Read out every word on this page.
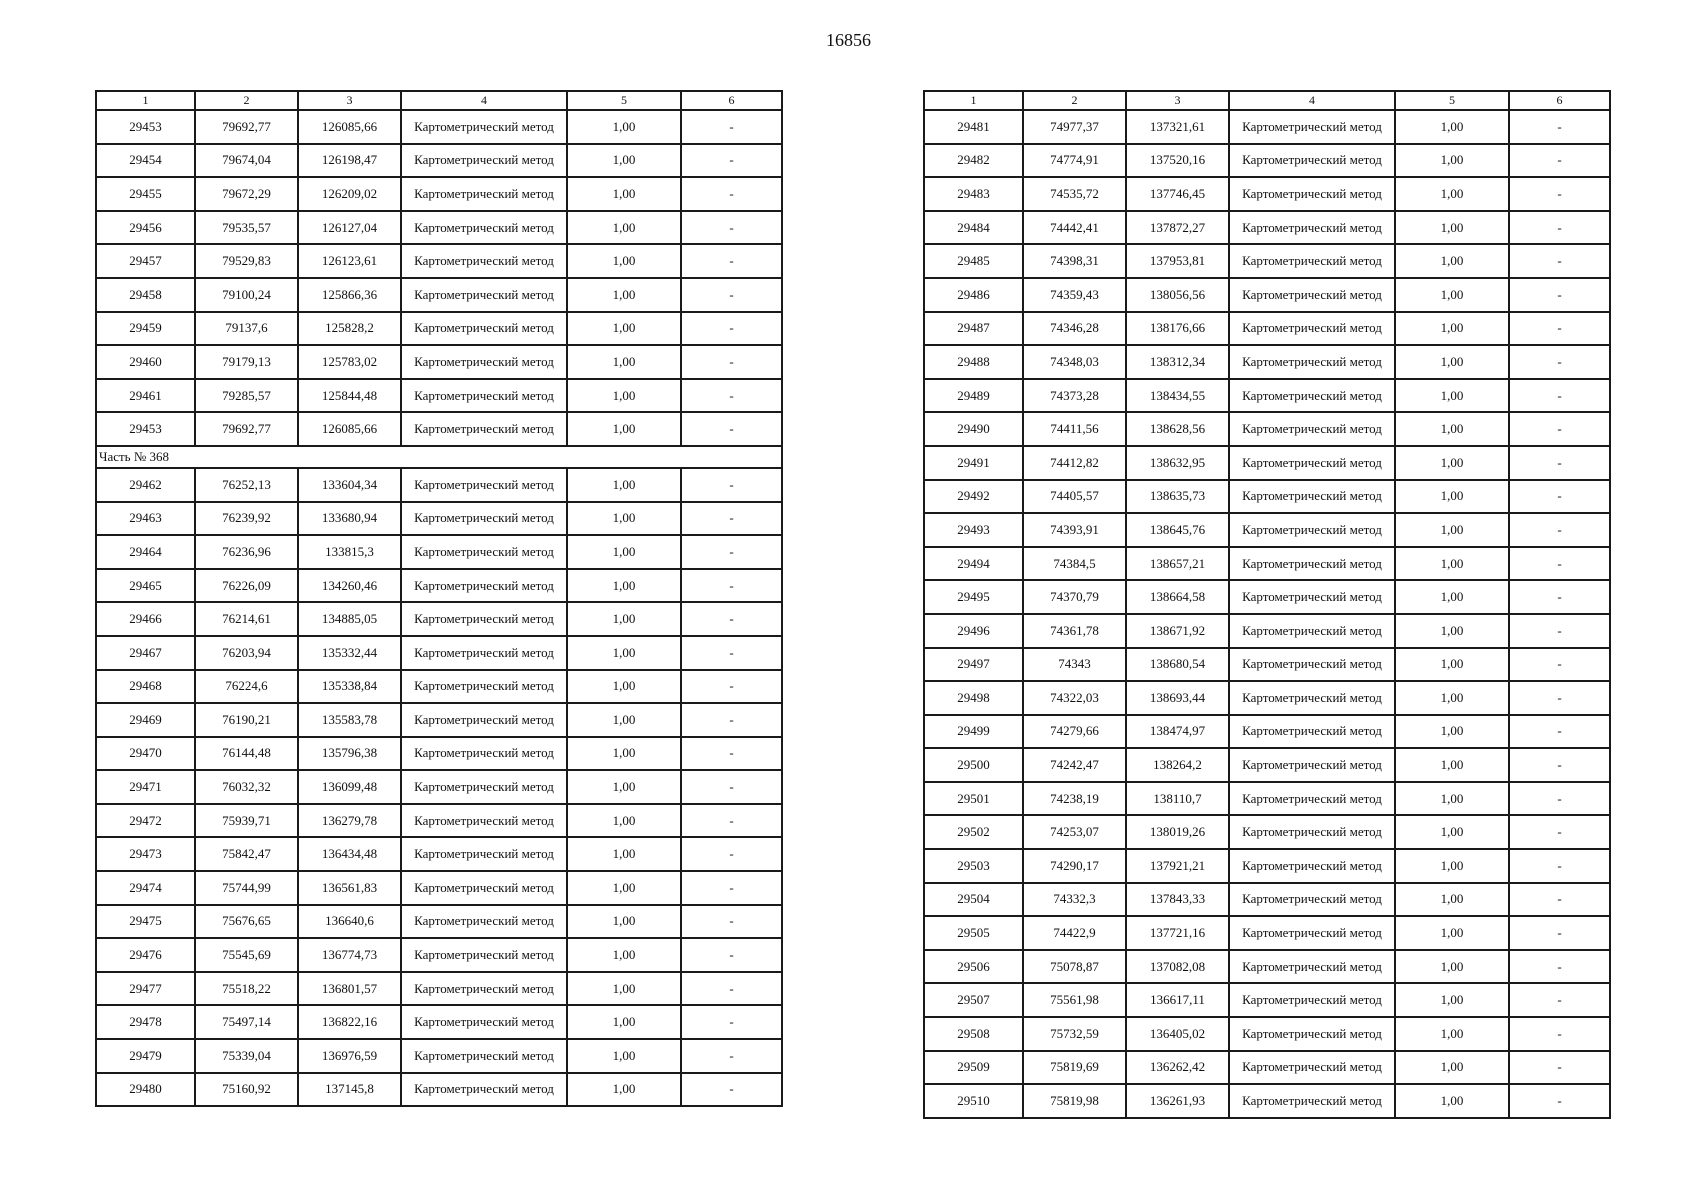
16856
1	2	3	4	5	6
29453	79692,77	126085,66	Картометрический метод	1,00	-
29454	79674,04	126198,47	Картометрический метод	1,00	-
29455	79672,29	126209,02	Картометрический метод	1,00	-
29456	79535,57	126127,04	Картометрический метод	1,00	-
29457	79529,83	126123,61	Картометрический метод	1,00	-
29458	79100,24	125866,36	Картометрический метод	1,00	-
29459	79137,6	125828,2	Картометрический метод	1,00	-
29460	79179,13	125783,02	Картометрический метод	1,00	-
29461	79285,57	125844,48	Картометрический метод	1,00	-
29453	79692,77	126085,66	Картометрический метод	1,00	-
Часть № 368					
29462	76252,13	133604,34	Картометрический метод	1,00	-
29463	76239,92	133680,94	Картометрический метод	1,00	-
29464	76236,96	133815,3	Картометрический метод	1,00	-
29465	76226,09	134260,46	Картометрический метод	1,00	-
29466	76214,61	134885,05	Картометрический метод	1,00	-
29467	76203,94	135332,44	Картометрический метод	1,00	-
29468	76224,6	135338,84	Картометрический метод	1,00	-
29469	76190,21	135583,78	Картометрический метод	1,00	-
29470	76144,48	135796,38	Картометрический метод	1,00	-
29471	76032,32	136099,48	Картометрический метод	1,00	-
29472	75939,71	136279,78	Картометрический метод	1,00	-
29473	75842,47	136434,48	Картометрический метод	1,00	-
29474	75744,99	136561,83	Картометрический метод	1,00	-
29475	75676,65	136640,6	Картометрический метод	1,00	-
29476	75545,69	136774,73	Картометрический метод	1,00	-
29477	75518,22	136801,57	Картометрический метод	1,00	-
29478	75497,14	136822,16	Картометрический метод	1,00	-
29479	75339,04	136976,59	Картометрический метод	1,00	-
29480	75160,92	137145,8	Картометрический метод	1,00	-
1	2	3	4	5	6
29481	74977,37	137321,61	Картометрический метод	1,00	-
29482	74774,91	137520,16	Картометрический метод	1,00	-
29483	74535,72	137746,45	Картометрический метод	1,00	-
29484	74442,41	137872,27	Картометрический метод	1,00	-
29485	74398,31	137953,81	Картометрический метод	1,00	-
29486	74359,43	138056,56	Картометрический метод	1,00	-
29487	74346,28	138176,66	Картометрический метод	1,00	-
29488	74348,03	138312,34	Картометрический метод	1,00	-
29489	74373,28	138434,55	Картометрический метод	1,00	-
29490	74411,56	138628,56	Картометрический метод	1,00	-
29491	74412,82	138632,95	Картометрический метод	1,00	-
29492	74405,57	138635,73	Картометрический метод	1,00	-
29493	74393,91	138645,76	Картометрический метод	1,00	-
29494	74384,5	138657,21	Картометрический метод	1,00	-
29495	74370,79	138664,58	Картометрический метод	1,00	-
29496	74361,78	138671,92	Картометрический метод	1,00	-
29497	74343	138680,54	Картометрический метод	1,00	-
29498	74322,03	138693,44	Картометрический метод	1,00	-
29499	74279,66	138474,97	Картометрический метод	1,00	-
29500	74242,47	138264,2	Картометрический метод	1,00	-
29501	74238,19	138110,7	Картометрический метод	1,00	-
29502	74253,07	138019,26	Картометрический метод	1,00	-
29503	74290,17	137921,21	Картометрический метод	1,00	-
29504	74332,3	137843,33	Картометрический метод	1,00	-
29505	74422,9	137721,16	Картометрический метод	1,00	-
29506	75078,87	137082,08	Картометрический метод	1,00	-
29507	75561,98	136617,11	Картометрический метод	1,00	-
29508	75732,59	136405,02	Картометрический метод	1,00	-
29509	75819,69	136262,42	Картометрический метод	1,00	-
29510	75819,98	136261,93	Картометрический метод	1,00	-
